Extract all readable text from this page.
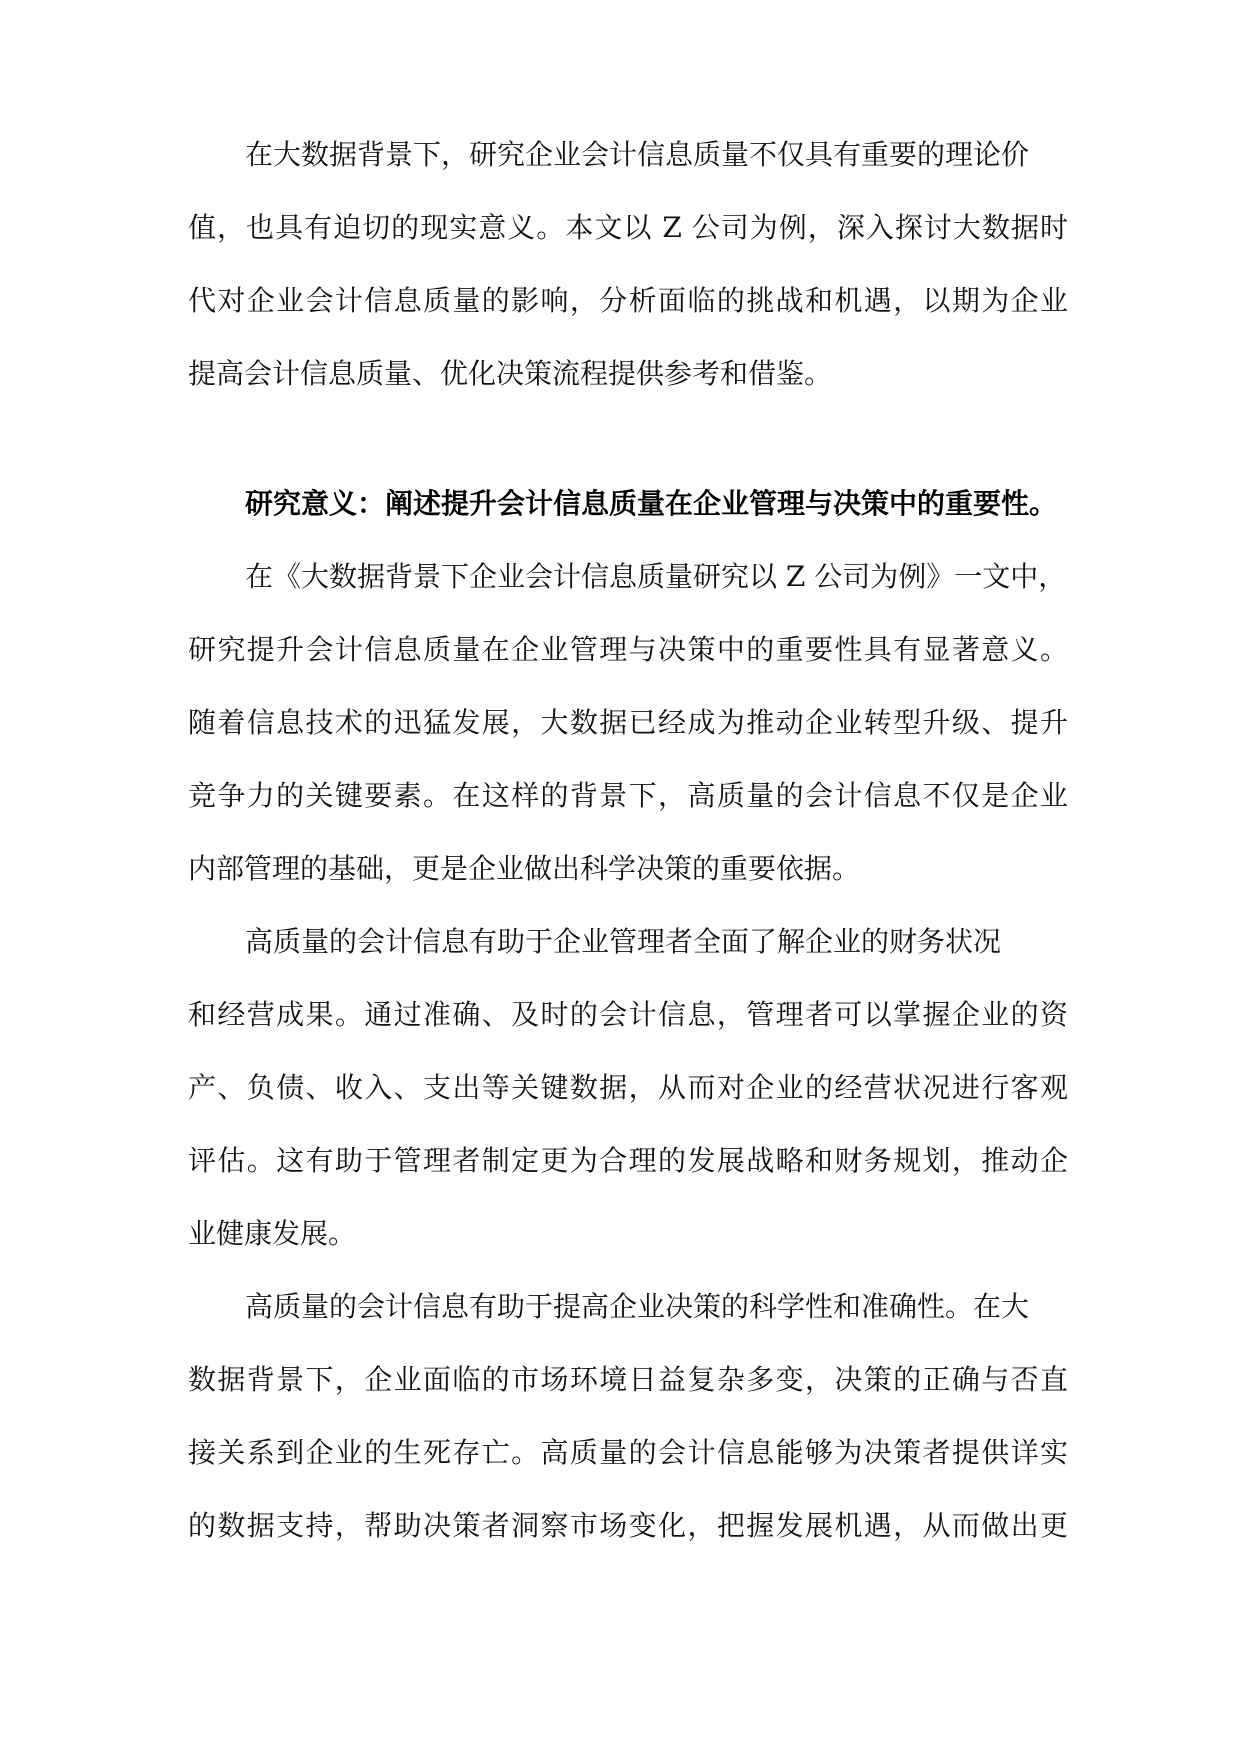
在大数据背景下，研究企业会计信息质量不仅具有重要的理论价
值，也具有迫切的现实意义。本文以 Z 公司为例，深入探讨大数据时
代对企业会计信息质量的影响，分析面临的挑战和机遇，以期为企业
提高会计信息质量、优化决策流程提供参考和借鉴。
研究意义：阐述提升会计信息质量在企业管理与决策中的重要性。
在《大数据背景下企业会计信息质量研究以 Z 公司为例》一文中，
研究提升会计信息质量在企业管理与决策中的重要性具有显著意义。
随着信息技术的迅猛发展，大数据已经成为推动企业转型升级、提升
竞争力的关键要素。在这样的背景下，高质量的会计信息不仅是企业
内部管理的基础，更是企业做出科学决策的重要依据。
高质量的会计信息有助于企业管理者全面了解企业的财务状况
和经营成果。通过准确、及时的会计信息，管理者可以掌握企业的资
产、负债、收入、支出等关键数据，从而对企业的经营状况进行客观
评估。这有助于管理者制定更为合理的发展战略和财务规划，推动企
业健康发展。
高质量的会计信息有助于提高企业决策的科学性和准确性。在大
数据背景下，企业面临的市场环境日益复杂多变，决策的正确与否直
接关系到企业的生死存亡。高质量的会计信息能够为决策者提供详实
的数据支持，帮助决策者洞察市场变化，把握发展机遇，从而做出更
